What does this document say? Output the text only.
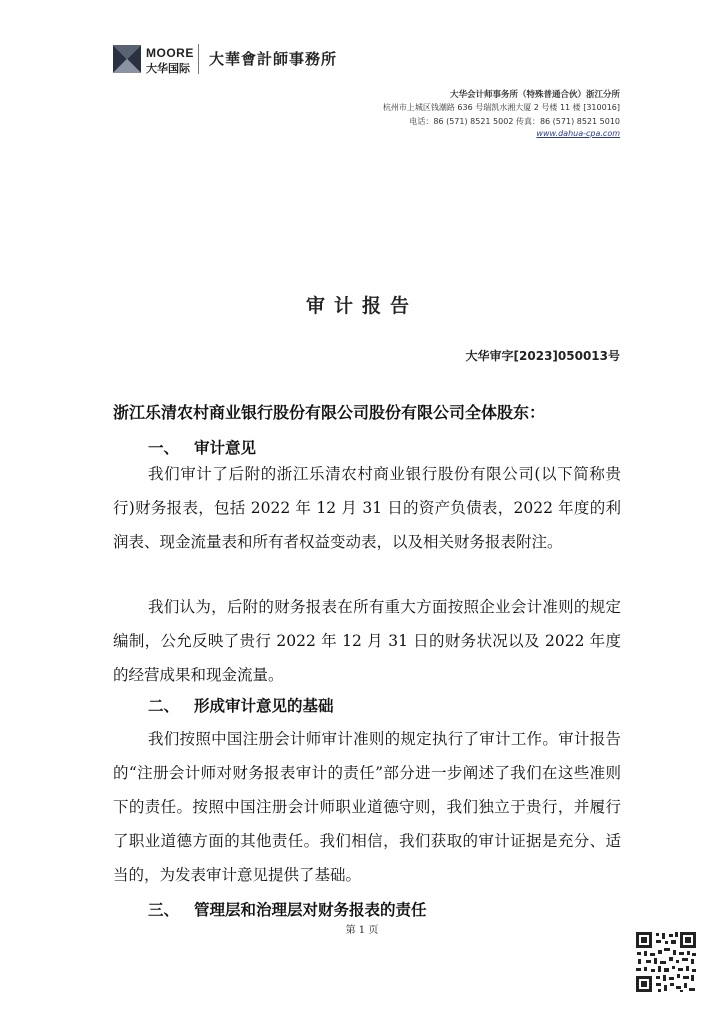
MOORE
大华国际
大華會計師事務所
大华会计师事务所（特殊普通合伙）浙江分所
杭州市上城区钱潮路 636 号瑞凯水湘大厦 2 号楼 11 楼 [310016]
电话：86 (571) 8521 5002 传真：86 (571) 8521 5010
www.dahua-cpa.com
审计报告
大华审字[2023]050013号
浙江乐清农村商业银行股份有限公司股份有限公司全体股东：
一、 审计意见
我们审计了后附的浙江乐清农村商业银行股份有限公司(以下简称贵行)财务报表，包括 2022 年 12 月 31 日的资产负债表，2022 年度的利润表、现金流量表和所有者权益变动表，以及相关财务报表附注。
我们认为，后附的财务报表在所有重大方面按照企业会计准则的规定编制，公允反映了贵行 2022 年 12 月 31 日的财务状况以及 2022 年度的经营成果和现金流量。
二、 形成审计意见的基础
我们按照中国注册会计师审计准则的规定执行了审计工作。审计报告的“注册会计师对财务报表审计的责任”部分进一步阐述了我们在这些准则下的责任。按照中国注册会计师职业道德守则，我们独立于贵行，并履行了职业道德方面的其他责任。我们相信，我们获取的审计证据是充分、适当的，为发表审计意见提供了基础。
三、 管理层和治理层对财务报表的责任
第 1 页
